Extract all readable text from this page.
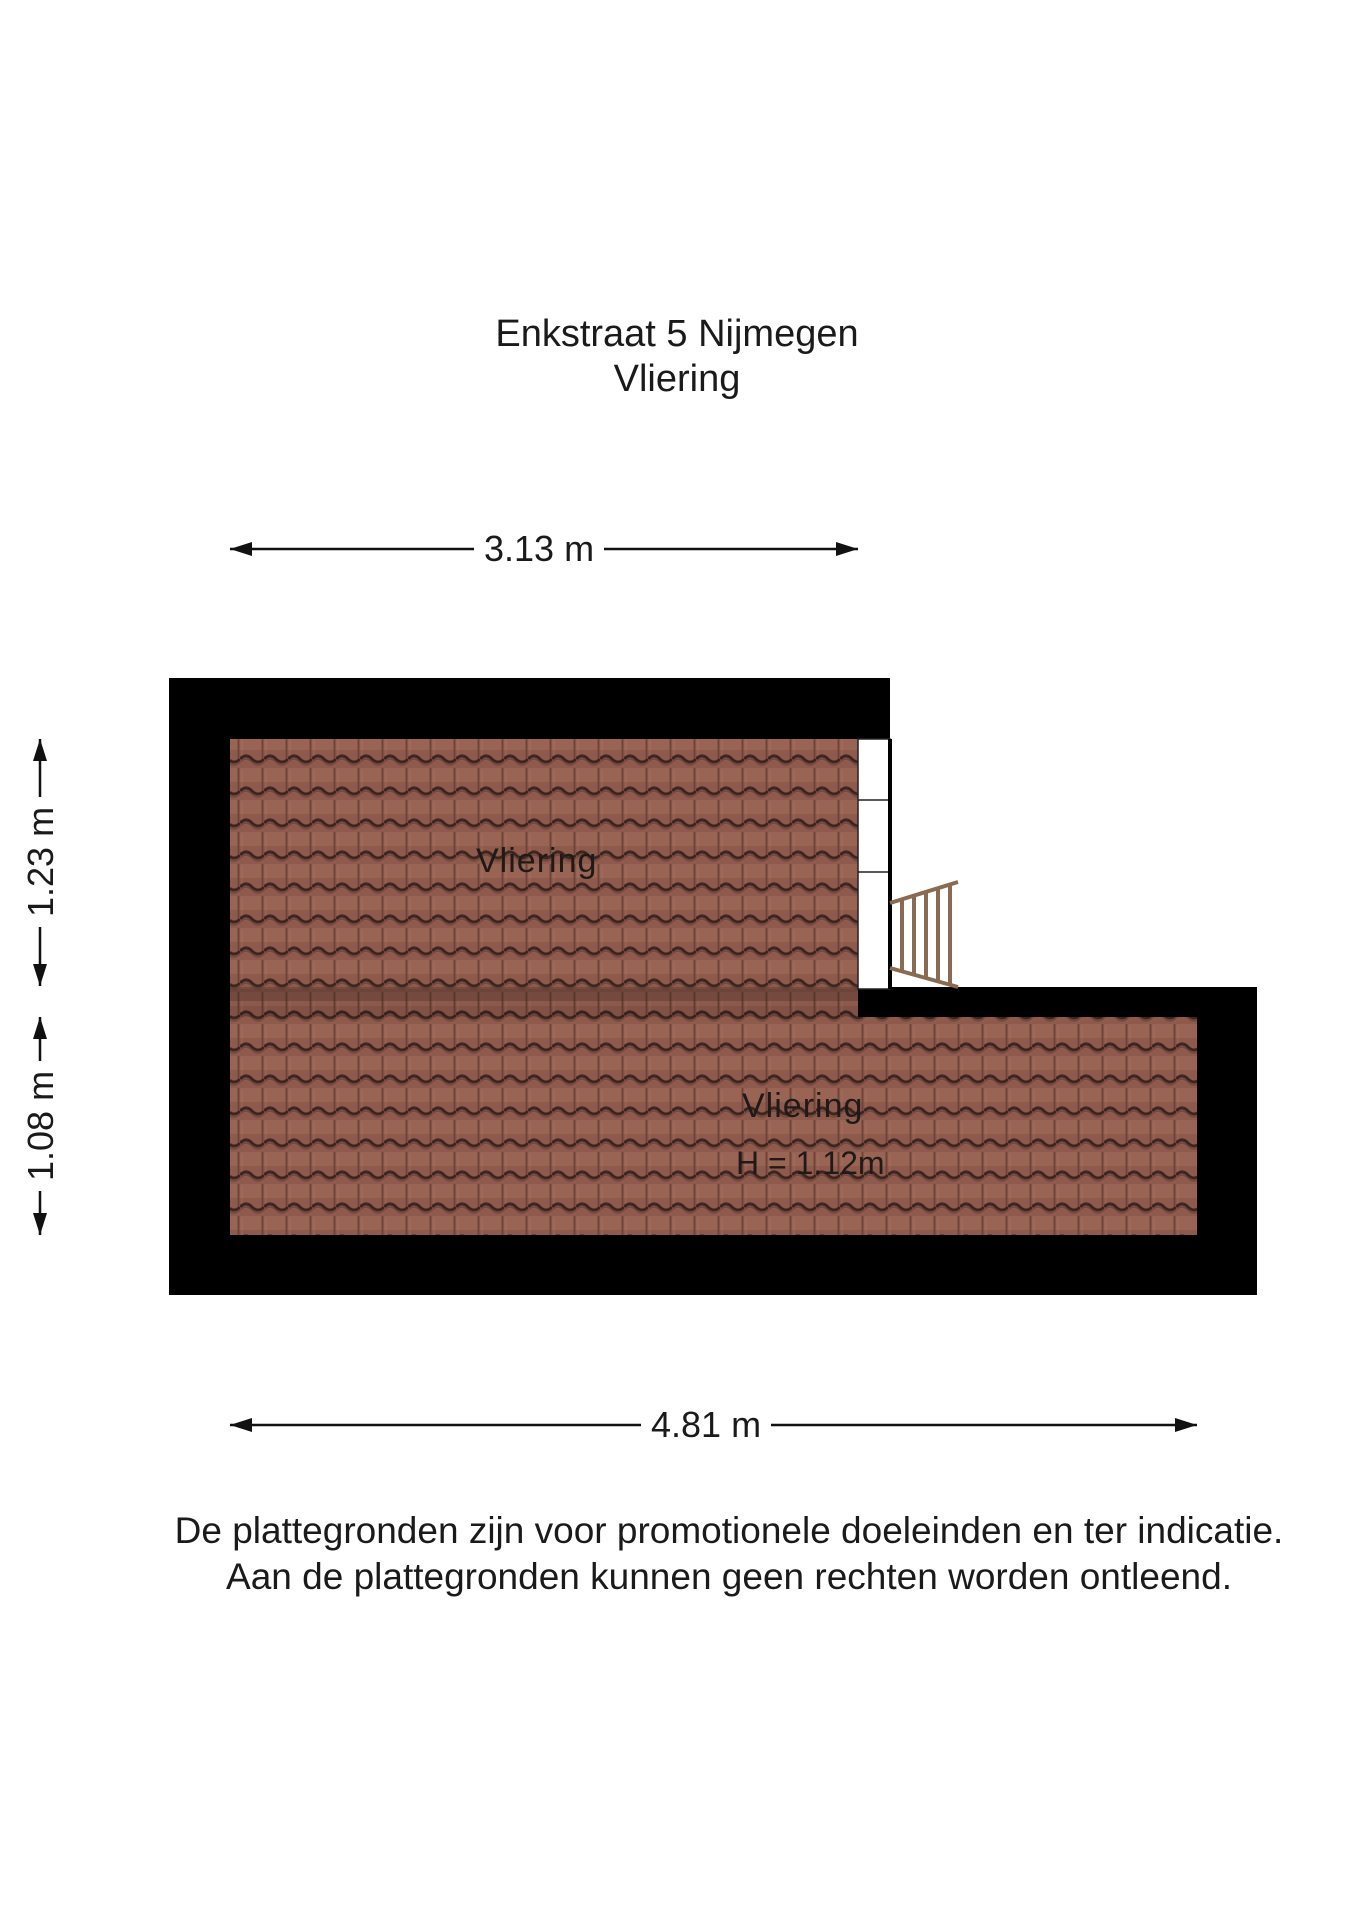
Enkstraat 5 Nijmegen
Vliering
3.13 m
4.81 m
1.23 m
1.08 m
Vliering
Vliering
H = 1.12m
De plattegronden zijn voor promotionele doeleinden en ter indicatie.
Aan de plattegronden kunnen geen rechten worden ontleend.
